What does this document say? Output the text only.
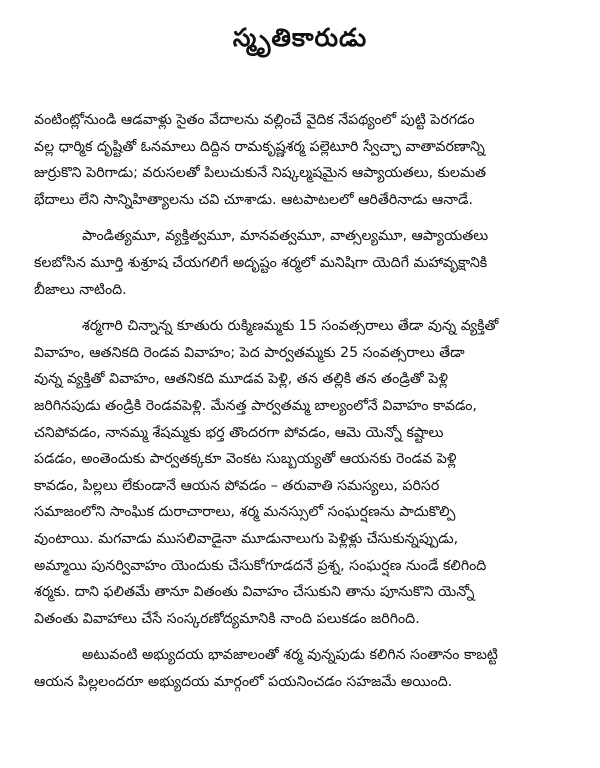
స్మృతికారుడు
వంటింట్లోనుండి ఆడవాళ్లు సైతం వేదాలను వల్లించే వైదిక నేపథ్యంలో పుట్టి పెరగడం
వల్ల ధార్మిక దృష్టితో ఓనమాలు దిద్దిన రామకృష్ణశర్మ పల్లెటూరి స్వేచ్ఛా వాతావరణాన్ని
జుర్రుకొని పెరిగాడు; వరుసలతో పిలుచుకునే నిష్కల్మషమైన ఆప్యాయతలు, కులమత
భేదాలు లేని సాన్నిహిత్యాలను చవి చూశాడు. ఆటపాటలలో ఆరితేరినాడు ఆనాడే.
పాండిత్యమూ, వ్యక్తిత్వమూ, మానవత్వమూ, వాత్సల్యమూ, ఆప్యాయతలు
కలబోసిన మూర్తి శుశ్రూష చేయగలిగే అదృష్టం శర్మలో మనిషిగా యెదిగే మహావృక్షానికి
బీజాలు నాటింది.
శర్మగారి చిన్నాన్న కూతురు రుక్మిణమ్మకు 15 సంవత్సరాలు తేడా వున్న వ్యక్తితో
వివాహం, ఆతనికది రెండవ వివాహం; పెద పార్వతమ్మకు 25 సంవత్సరాలు తేడా
వున్న వ్యక్తితో వివాహం, ఆతనికది మూడవ పెళ్లి, తన తల్లికి తన తండ్రితో పెళ్లి
జరిగినపుడు తండ్రికి రెండవపెళ్లి. మేనత్త పార్వతమ్మ బాల్యంలోనే వివాహం కావడం,
చనిపోవడం, నానమ్మ శేషమ్మకు భర్త తొందరగా పోవడం, ఆమె యెన్నో కష్టాలు
పడడం, అంతెందుకు పార్వతక్కకూ వెంకట సుబ్బయ్యతో ఆయనకు రెండవ పెళ్లి
కావడం, పిల్లలు లేకుండానే ఆయన పోవడం – తరువాతి సమస్యలు, పరిసర
సమాజంలోని సాంఘిక దురాచారాలు, శర్మ మనస్సులో సంఘర్షణను పాదుకొల్పి
వుంటాయి. మగవాడు ముసలివాడైనా మూడునాలుగు పెళ్లిళ్లు చేసుకున్నప్పుడు,
అమ్మాయి పునర్వివాహం యెందుకు చేసుకోగూడదనే ప్రశ్న, సంఘర్షణ నుండే కలిగింది
శర్మకు. దాని ఫలితమే తానూ వితంతు వివాహం చేసుకుని తాను పూనుకొని యెన్నో
వితంతు వివాహాలు చేసే సంస్కరణోద్యమానికి నాంది పలుకడం జరిగింది.
అటువంటి అభ్యుదయ భావజాలంతో శర్మ వున్నపుడు కలిగిన సంతానం కాబట్టి
ఆయన పిల్లలందరూ అభ్యుదయ మార్గంలో పయనించడం సహజమే అయింది.
